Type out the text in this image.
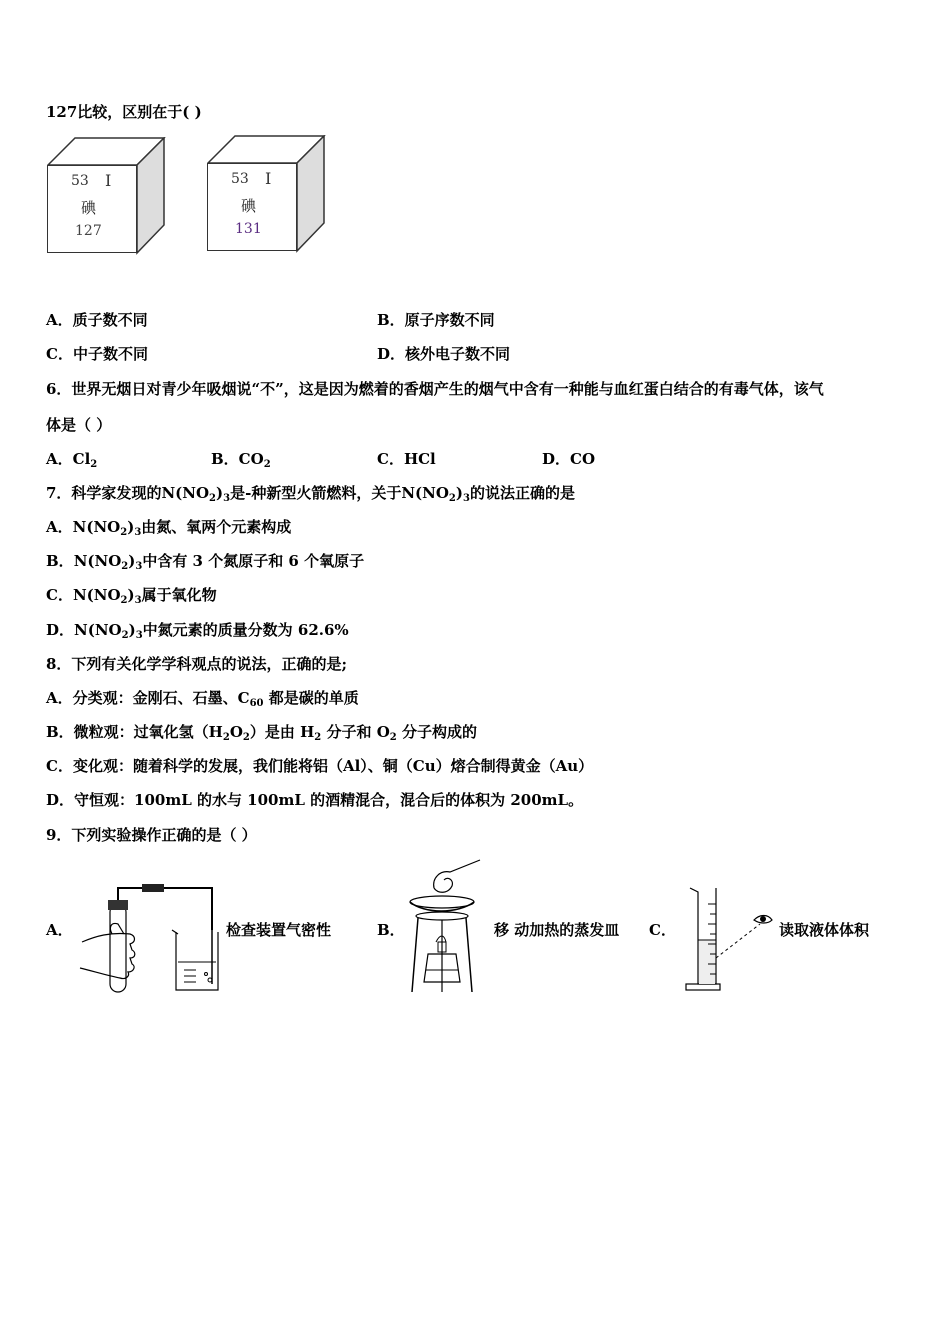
127比较，区别在于( )
53 I
碘
127
53 I
碘
131
A．质子数不同	B．原子序数不同
C．中子数不同	D．核外电子数不同
6．世界无烟日对青少年吸烟说“不”，这是因为燃着的香烟产生的烟气中含有一种能与血红蛋白结合的有毒气体，该气
体是（ ）
A．$Cl_2$	B．$CO_2$	C．HCl	D．CO
7．科学家发现的$N(NO_2)_3$是-种新型火箭燃料，关于$N(NO_2)_3$的说法正确的是
A．$N(NO_2)_3$由氮、氧两个元素构成
B．$N(NO_2)_3$中含有 3 个氮原子和 6 个氧原子
C．$N(NO_2)_3$属于氧化物
D．$N(NO_2)_3$中氮元素的质量分数为 62.6%
8．下列有关化学学科观点的说法，正确的是;
A．分类观：金刚石、石墨、$C_{60}$ 都是碳的单质
B．微粒观：过氧化氢$(H_2O_2)$是由 $H_2$ 分子和 $O_2$ 分子构成的
C．变化观：随着科学的发展，我们能将铝（Al）、铜（Cu）熔合制得黄金（Au）
D．守恒观：100mL 的水与 100mL 的酒精混合，混合后的体积为 200mL。
9．下列实验操作正确的是（ ）
A．	检查装置气密性	B．	移 动加热的蒸发皿 C．	读取液体体积
